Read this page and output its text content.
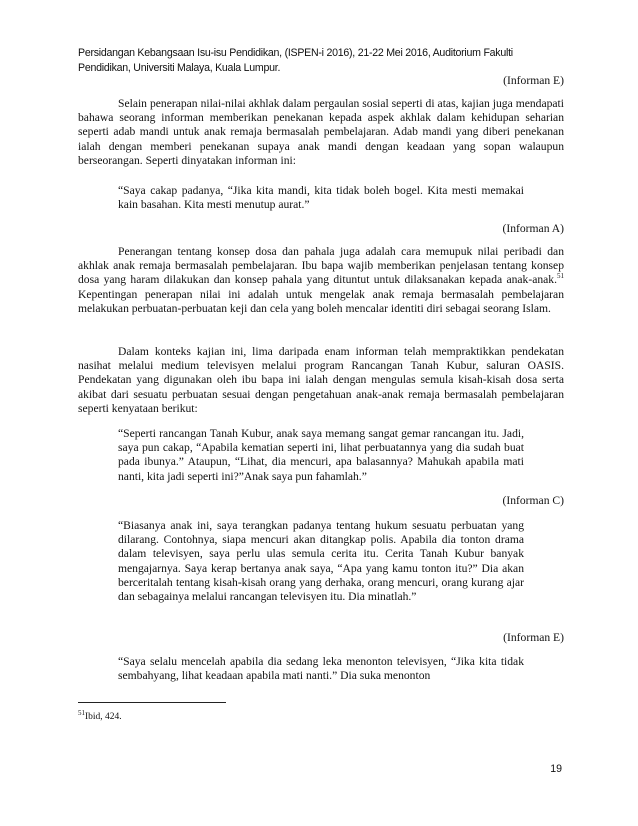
Persidangan Kebangsaan Isu-isu Pendidikan, (ISPEN-i 2016), 21-22 Mei 2016, Auditorium Fakulti
Pendidikan, Universiti Malaya, Kuala Lumpur.
(Informan E)
Selain penerapan nilai-nilai akhlak dalam pergaulan sosial seperti di atas, kajian juga mendapati bahawa seorang informan memberikan penekanan kepada aspek akhlak dalam kehidupan seharian seperti adab mandi untuk anak remaja bermasalah pembelajaran. Adab mandi yang diberi penekanan ialah dengan memberi penekanan supaya anak mandi dengan keadaan yang sopan walaupun berseorangan. Seperti dinyatakan informan ini:
“Saya cakap padanya, “Jika kita mandi, kita tidak boleh bogel. Kita mesti memakai kain basahan. Kita mesti menutup aurat.”
(Informan A)
Penerangan tentang konsep dosa dan pahala juga adalah cara memupuk nilai peribadi dan akhlak anak remaja bermasalah pembelajaran. Ibu bapa wajib memberikan penjelasan tentang konsep dosa yang haram dilakukan dan konsep pahala yang dituntut untuk dilaksanakan kepada anak-anak.$^{51}$ Kepentingan penerapan nilai ini adalah untuk mengelak anak remaja bermasalah pembelajaran melakukan perbuatan-perbuatan keji dan cela yang boleh mencalar identiti diri sebagai seorang Islam.
Dalam konteks kajian ini, lima daripada enam informan telah mempraktikkan pendekatan nasihat melalui medium televisyen melalui program Rancangan Tanah Kubur, saluran OASIS. Pendekatan yang digunakan oleh ibu bapa ini ialah dengan mengulas semula kisah-kisah dosa serta akibat dari sesuatu perbuatan sesuai dengan pengetahuan anak-anak remaja bermasalah pembelajaran seperti kenyataan berikut:
“Seperti rancangan Tanah Kubur, anak saya memang sangat gemar rancangan itu. Jadi, saya pun cakap, “Apabila kematian seperti ini, lihat perbuatannya yang dia sudah buat pada ibunya.” Ataupun, “Lihat, dia mencuri, apa balasannya? Mahukah apabila mati nanti, kita jadi seperti ini?”Anak saya pun fahamlah.”
(Informan C)
“Biasanya anak ini, saya terangkan padanya tentang hukum sesuatu perbuatan yang dilarang. Contohnya, siapa mencuri akan ditangkap polis. Apabila dia tonton drama dalam televisyen, saya perlu ulas semula cerita itu. Cerita Tanah Kubur banyak mengajarnya. Saya kerap bertanya anak saya, “Apa yang kamu tonton itu?” Dia akan berceritalah tentang kisah-kisah orang yang derhaka, orang mencuri, orang kurang ajar dan sebagainya melalui rancangan televisyen itu. Dia minatlah.”
(Informan E)
“Saya selalu mencelah apabila dia sedang leka menonton televisyen, “Jika kita tidak sembahyang, lihat keadaan apabila mati nanti.” Dia suka menonton
$^{51}$Ibid, 424.
19
